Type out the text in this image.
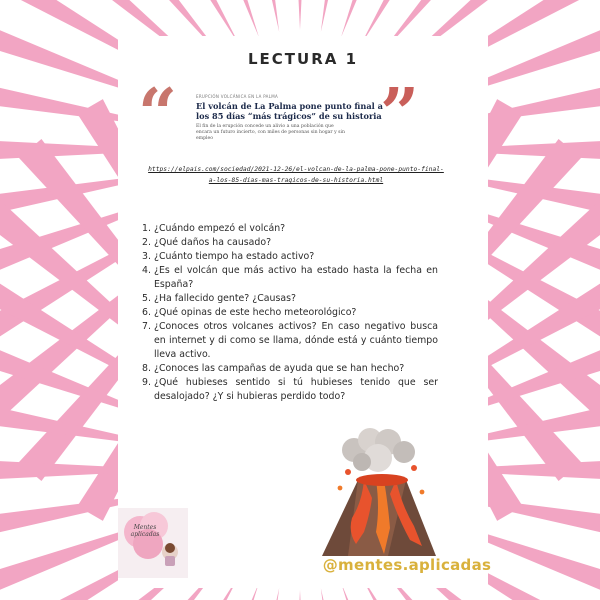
LECTURA 1
“	”
ERUPCIÓN VOLCÁNICA EN LA PALMA
El volcán de La Palma pone punto final a los 85 días “más trágicos” de su historia
El fin de la erupción concede un alivio a una población que encara un futuro incierto, con miles de personas sin hogar y sin empleo
https://elpais.com/sociedad/2021-12-26/el-volcan-de-la-palma-pone-punto-final-a-los-85-dias-mas-tragicos-de-su-historia.html
1. ¿Cuándo empezó el volcán?
2. ¿Qué daños ha causado?
3. ¿Cuánto tiempo ha estado activo?
4. ¿Es el volcán que más activo ha estado hasta la fecha en España?
5. ¿Ha fallecido gente? ¿Causas?
6. ¿Qué opinas de este hecho meteorológico?
7. ¿Conoces otros volcanes activos? En caso negativo busca en internet y di como se llama, dónde está y cuánto tiempo lleva activo.
8. ¿Conoces las campañas de ayuda que se han hecho?
9. ¿Qué hubieses sentido si tú hubieses tenido que ser desalojado? ¿Y si hubieras perdido todo?
Mentes aplicadas
@mentes.aplicadas
